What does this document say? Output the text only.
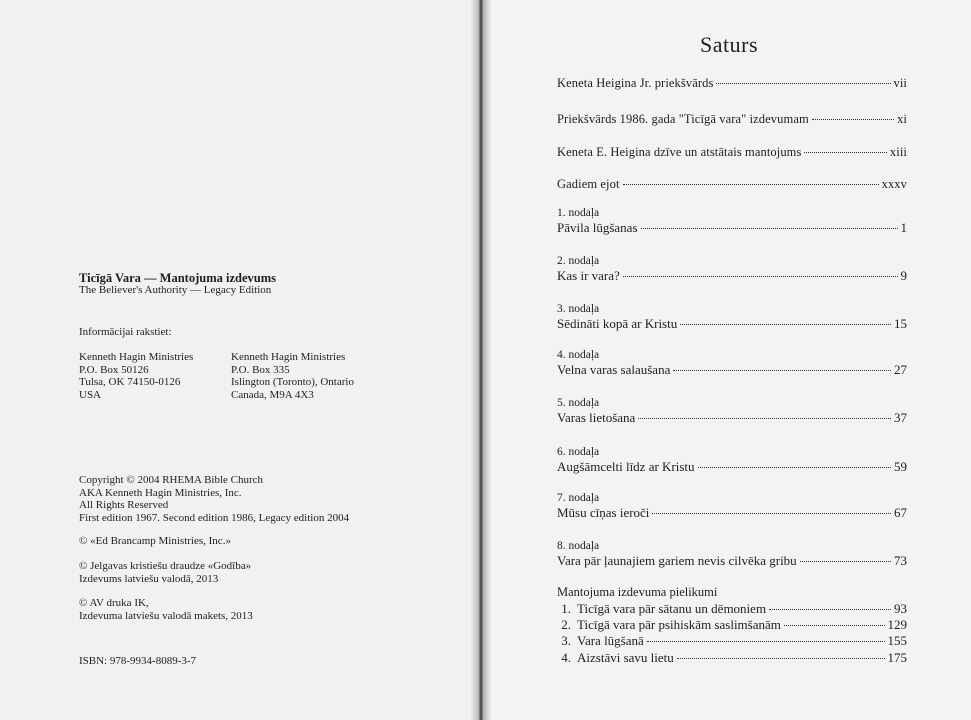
Ticīgā Vara — Mantojuma izdevums
The Believer's Authority — Legacy Edition
Informācijai rakstiet:
Kenneth Hagin Ministries
P.O. Box 50126
Tulsa, OK 74150-0126
USA
Kenneth Hagin Ministries
P.O. Box 335
Islington (Toronto), Ontario
Canada, M9A 4X3
Copyright © 2004 RHEMA Bible Church
AKA Kenneth Hagin Ministries, Inc.
All Rights Reserved
First edition 1967. Second edition 1986, Legacy edition 2004
© «Ed Brancamp Ministries, Inc.»
© Jelgavas kristiešu draudze «Godība»
Izdevums latviešu valodā, 2013
© AV druka IK,
Izdevuma latviešu valodā makets, 2013
ISBN: 978-9934-8089-3-7
Saturs
Keneta Heigina Jr. priekšvārds	vii
Priekšvārds 1986. gada "Ticīgā vara" izdevumam	xi
Keneta E. Heigina dzīve un atstātais mantojums	xiii
Gadiem ejot	xxxv
1. nodaļa
Pāvila lūgšanas	1
2. nodaļa
Kas ir vara?	9
3. nodaļa
Sēdināti kopā ar Kristu	15
4. nodaļa
Velna varas salaušana	27
5. nodaļa
Varas lietošana	37
6. nodaļa
Augšāmcelti līdz ar Kristu	59
7. nodaļa
Mūsu cīņas ieroči	67
8. nodaļa
Vara pār ļaunajiem gariem nevis cilvēka gribu	73
Mantojuma izdevuma pielikumi
1. Ticīgā vara pār sātanu un dēmoniem	93
2. Ticīgā vara pār psihiskām saslimšanām	129
3. Vara lūgšanā	155
4. Aizstāvi savu lietu	175
